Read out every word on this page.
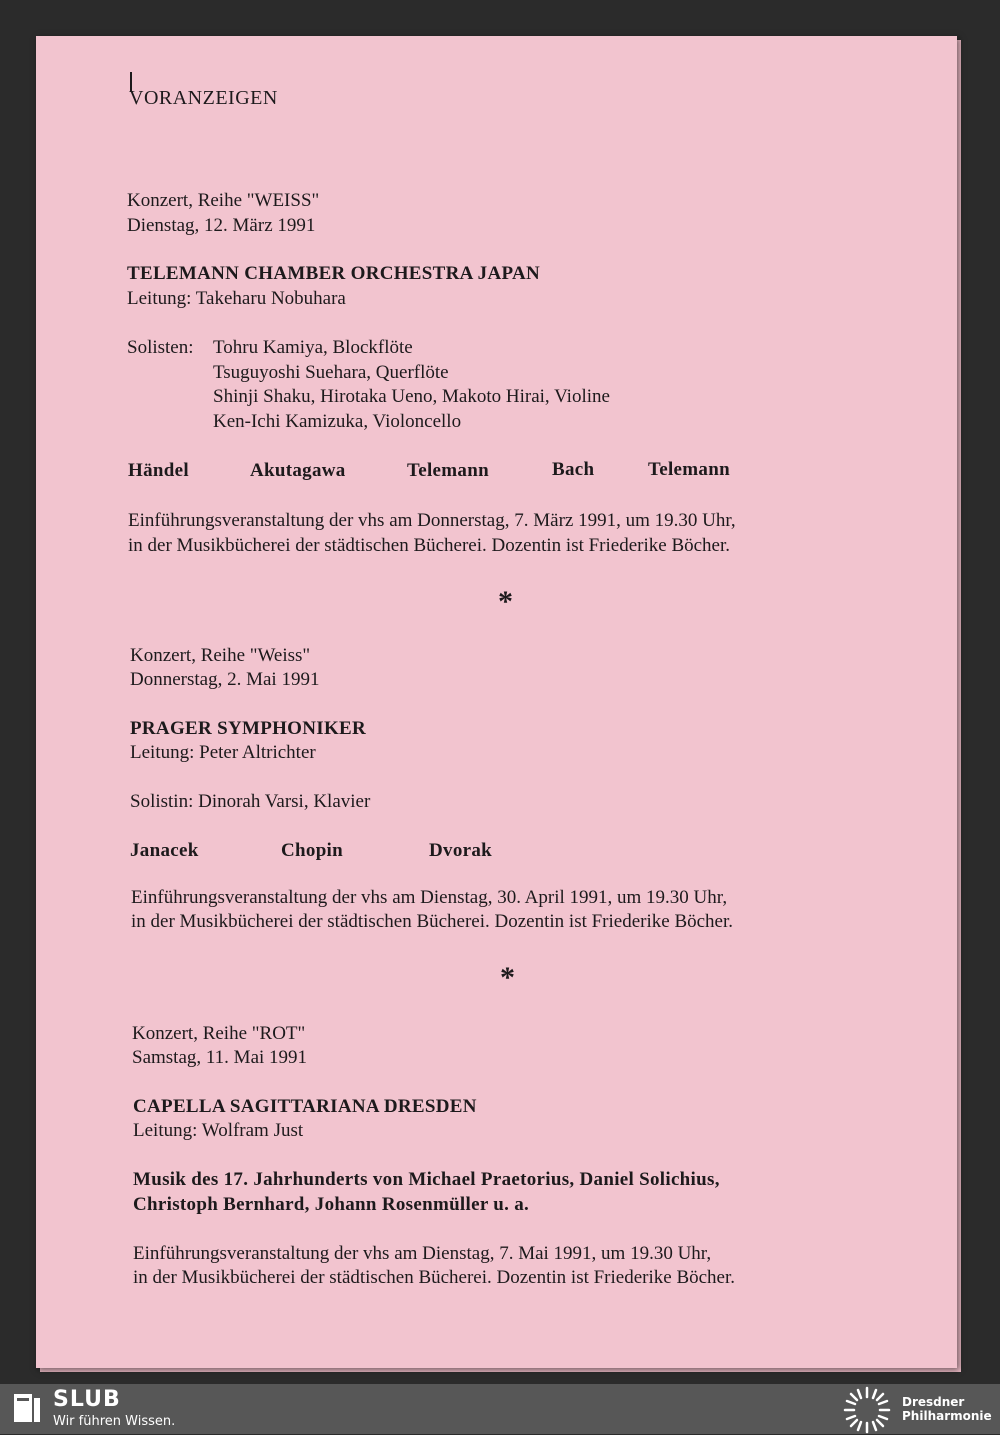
VORANZEIGEN
Konzert, Reihe "WEISS"
Dienstag, 12. März 1991
TELEMANN CHAMBER ORCHESTRA JAPAN
Leitung: Takeharu Nobuhara
Solisten: Tohru Kamiya, Blockflöte
Tsuguyoshi Suehara, Querflöte
Shinji Shaku, Hirotaka Ueno, Makoto Hirai, Violine
Ken-Ichi Kamizuka, Violoncello
Händel	Akutagawa	Telemann	Bach	Telemann
Einführungsveranstaltung der vhs am Donnerstag, 7. März 1991, um 19.30 Uhr,
in der Musikbücherei der städtischen Bücherei. Dozentin ist Friederike Böcher.
*
Konzert, Reihe "Weiss"
Donnerstag, 2. Mai 1991
PRAGER SYMPHONIKER
Leitung: Peter Altrichter
Solistin: Dinorah Varsi, Klavier
Janacek	Chopin	Dvorak
Einführungsveranstaltung der vhs am Dienstag, 30. April 1991, um 19.30 Uhr,
in der Musikbücherei der städtischen Bücherei. Dozentin ist Friederike Böcher.
*
Konzert, Reihe "ROT"
Samstag, 11. Mai 1991
CAPELLA SAGITTARIANA DRESDEN
Leitung: Wolfram Just
Musik des 17. Jahrhunderts von Michael Praetorius, Daniel Solichius,
Christoph Bernhard, Johann Rosenmüller u. a.
Einführungsveranstaltung der vhs am Dienstag, 7. Mai 1991, um 19.30 Uhr,
in der Musikbücherei der städtischen Bücherei. Dozentin ist Friederike Böcher.
SLUB
Wir führen Wissen.
Dresdner
Philharmonie
